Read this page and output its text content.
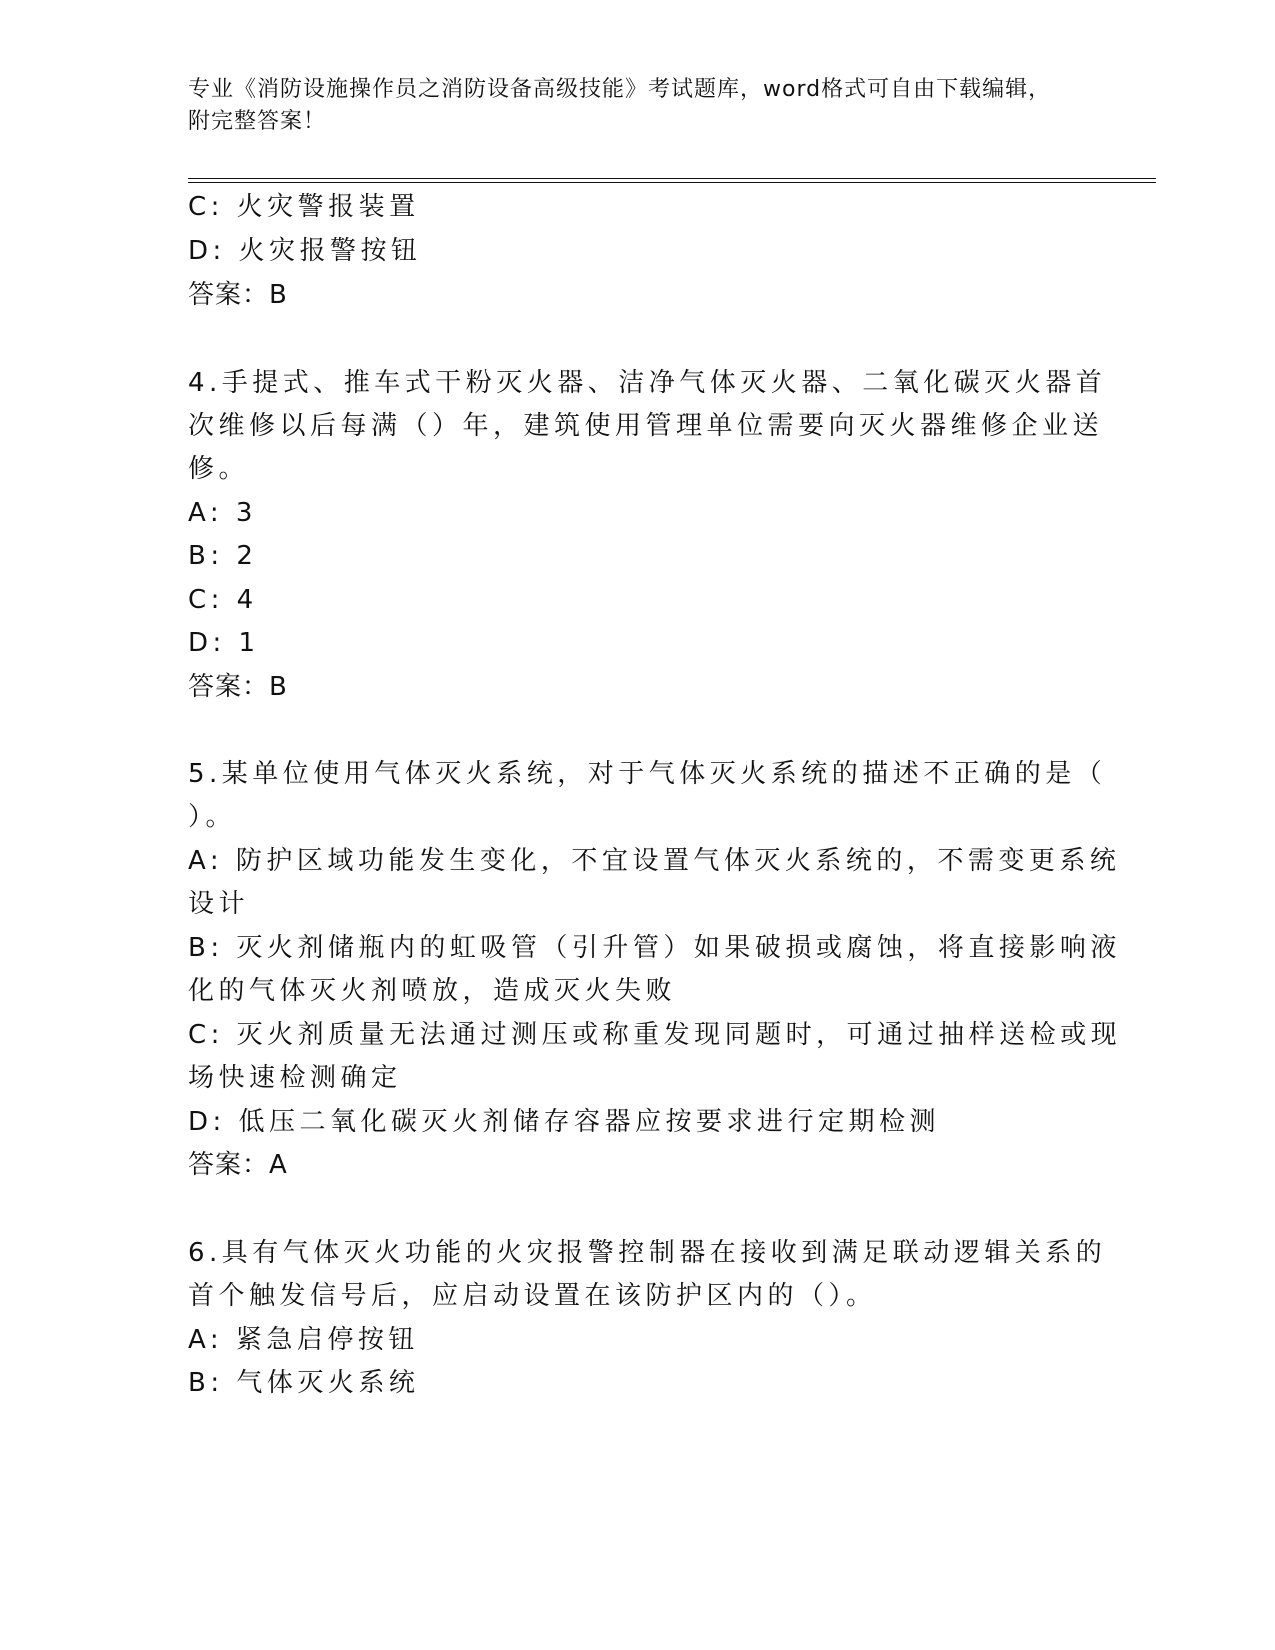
专业《消防设施操作员之消防设备高级技能》考试题库，word格式可自由下载编辑，附完整答案！
C: 火灾警报装置
D: 火灾报警按钮
答案：B
4.手提式、推车式干粉灭火器、洁净气体灭火器、二氧化碳灭火器首
次维修以后每满（）年，建筑使用管理单位需要向灭火器维修企业送
修。
A: 3
B: 2
C: 4
D: 1
答案：B
5.某单位使用气体灭火系统，对于气体灭火系统的描述不正确的是（
）。
A: 防护区域功能发生变化，不宜设置气体灭火系统的，不需变更系统
设计
B: 灭火剂储瓶内的虹吸管（引升管）如果破损或腐蚀，将直接影响液
化的气体灭火剂喷放，造成灭火失败
C: 灭火剂质量无法通过测压或称重发现同题时，可通过抽样送检或现
场快速检测确定
D: 低压二氧化碳灭火剂储存容器应按要求进行定期检测
答案：A
6.具有气体灭火功能的火灾报警控制器在接收到满足联动逻辑关系的
首个触发信号后，应启动设置在该防护区内的（）。
A: 紧急启停按钮
B: 气体灭火系统
